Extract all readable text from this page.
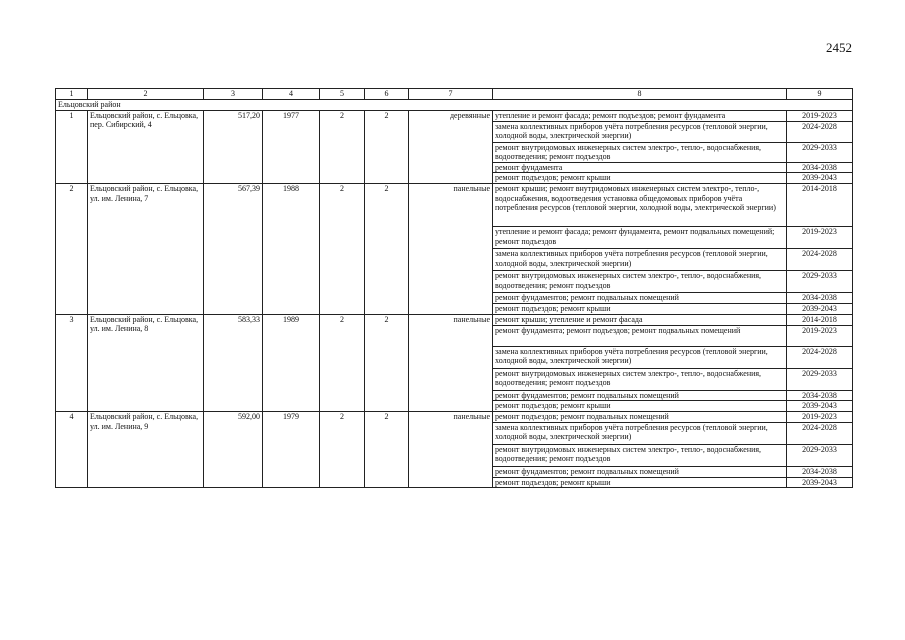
2452
1	2	3	4	5	6	7	8	9
Ельцовский район								
1	Ельцовский район, с. Ельцовка, пер. Сибирский, 4	517,20	1977	2	2	деревянные	утепление и ремонт фасада; ремонт подъездов; ремонт фундамента	2019-2023
							замена коллективных приборов учёта потребления ресурсов (тепловой энергии, холодной воды, электрической энергии)	2024-2028
							ремонт внутридомовых инженерных систем электро-, тепло-, водоснабжения, водоотведения; ремонт подъездов	2029-2033
							ремонт фундамента	2034-2038
							ремонт подъездов; ремонт крыши	2039-2043
2	Ельцовский район, с. Ельцовка, ул. им. Ленина, 7	567,39	1988	2	2	панельные	ремонт крыши; ремонт внутридомовых инженерных систем электро-, тепло-, водоснабжения, водоотведения установка общедомовых приборов учёта потребления ресурсов (тепловой энергии, холодной воды, электрической энергии)	2014-2018
							утепление и ремонт фасада; ремонт фундамента, ремонт подвальных помещений; ремонт подъездов	2019-2023
							замена коллективных приборов учёта потребления ресурсов (тепловой энергии, холодной воды, электрической энергии)	2024-2028
							ремонт внутридомовых инженерных систем электро-, тепло-, водоснабжения, водоотведения; ремонт подъездов	2029-2033
							ремонт фундаментов; ремонт подвальных помещений	2034-2038
							ремонт подъездов; ремонт крыши	2039-2043
3	Ельцовский район, с. Ельцовка, ул. им. Ленина, 8	583,33	1989	2	2	панельные	ремонт крыши; утепление и ремонт фасада	2014-2018
							ремонт фундамента; ремонт подъездов; ремонт подвальных помещений	2019-2023
							замена коллективных приборов учёта потребления ресурсов (тепловой энергии, холодной воды, электрической энергии)	2024-2028
							ремонт внутридомовых инженерных систем электро-, тепло-, водоснабжения, водоотведения; ремонт подъездов	2029-2033
							ремонт фундаментов; ремонт подвальных помещений	2034-2038
							ремонт подъездов; ремонт крыши	2039-2043
4	Ельцовский район, с. Ельцовка, ул. им. Ленина, 9	592,00	1979	2	2	панельные	ремонт подъездов; ремонт подвальных помещений	2019-2023
							замена коллективных приборов учёта потребления ресурсов (тепловой энергии, холодной воды, электрической энергии)	2024-2028
							ремонт внутридомовых инженерных систем электро-, тепло-, водоснабжения, водоотведения; ремонт подъездов	2029-2033
							ремонт фундаментов; ремонт подвальных помещений	2034-2038
							ремонт подъездов; ремонт крыши	2039-2043
